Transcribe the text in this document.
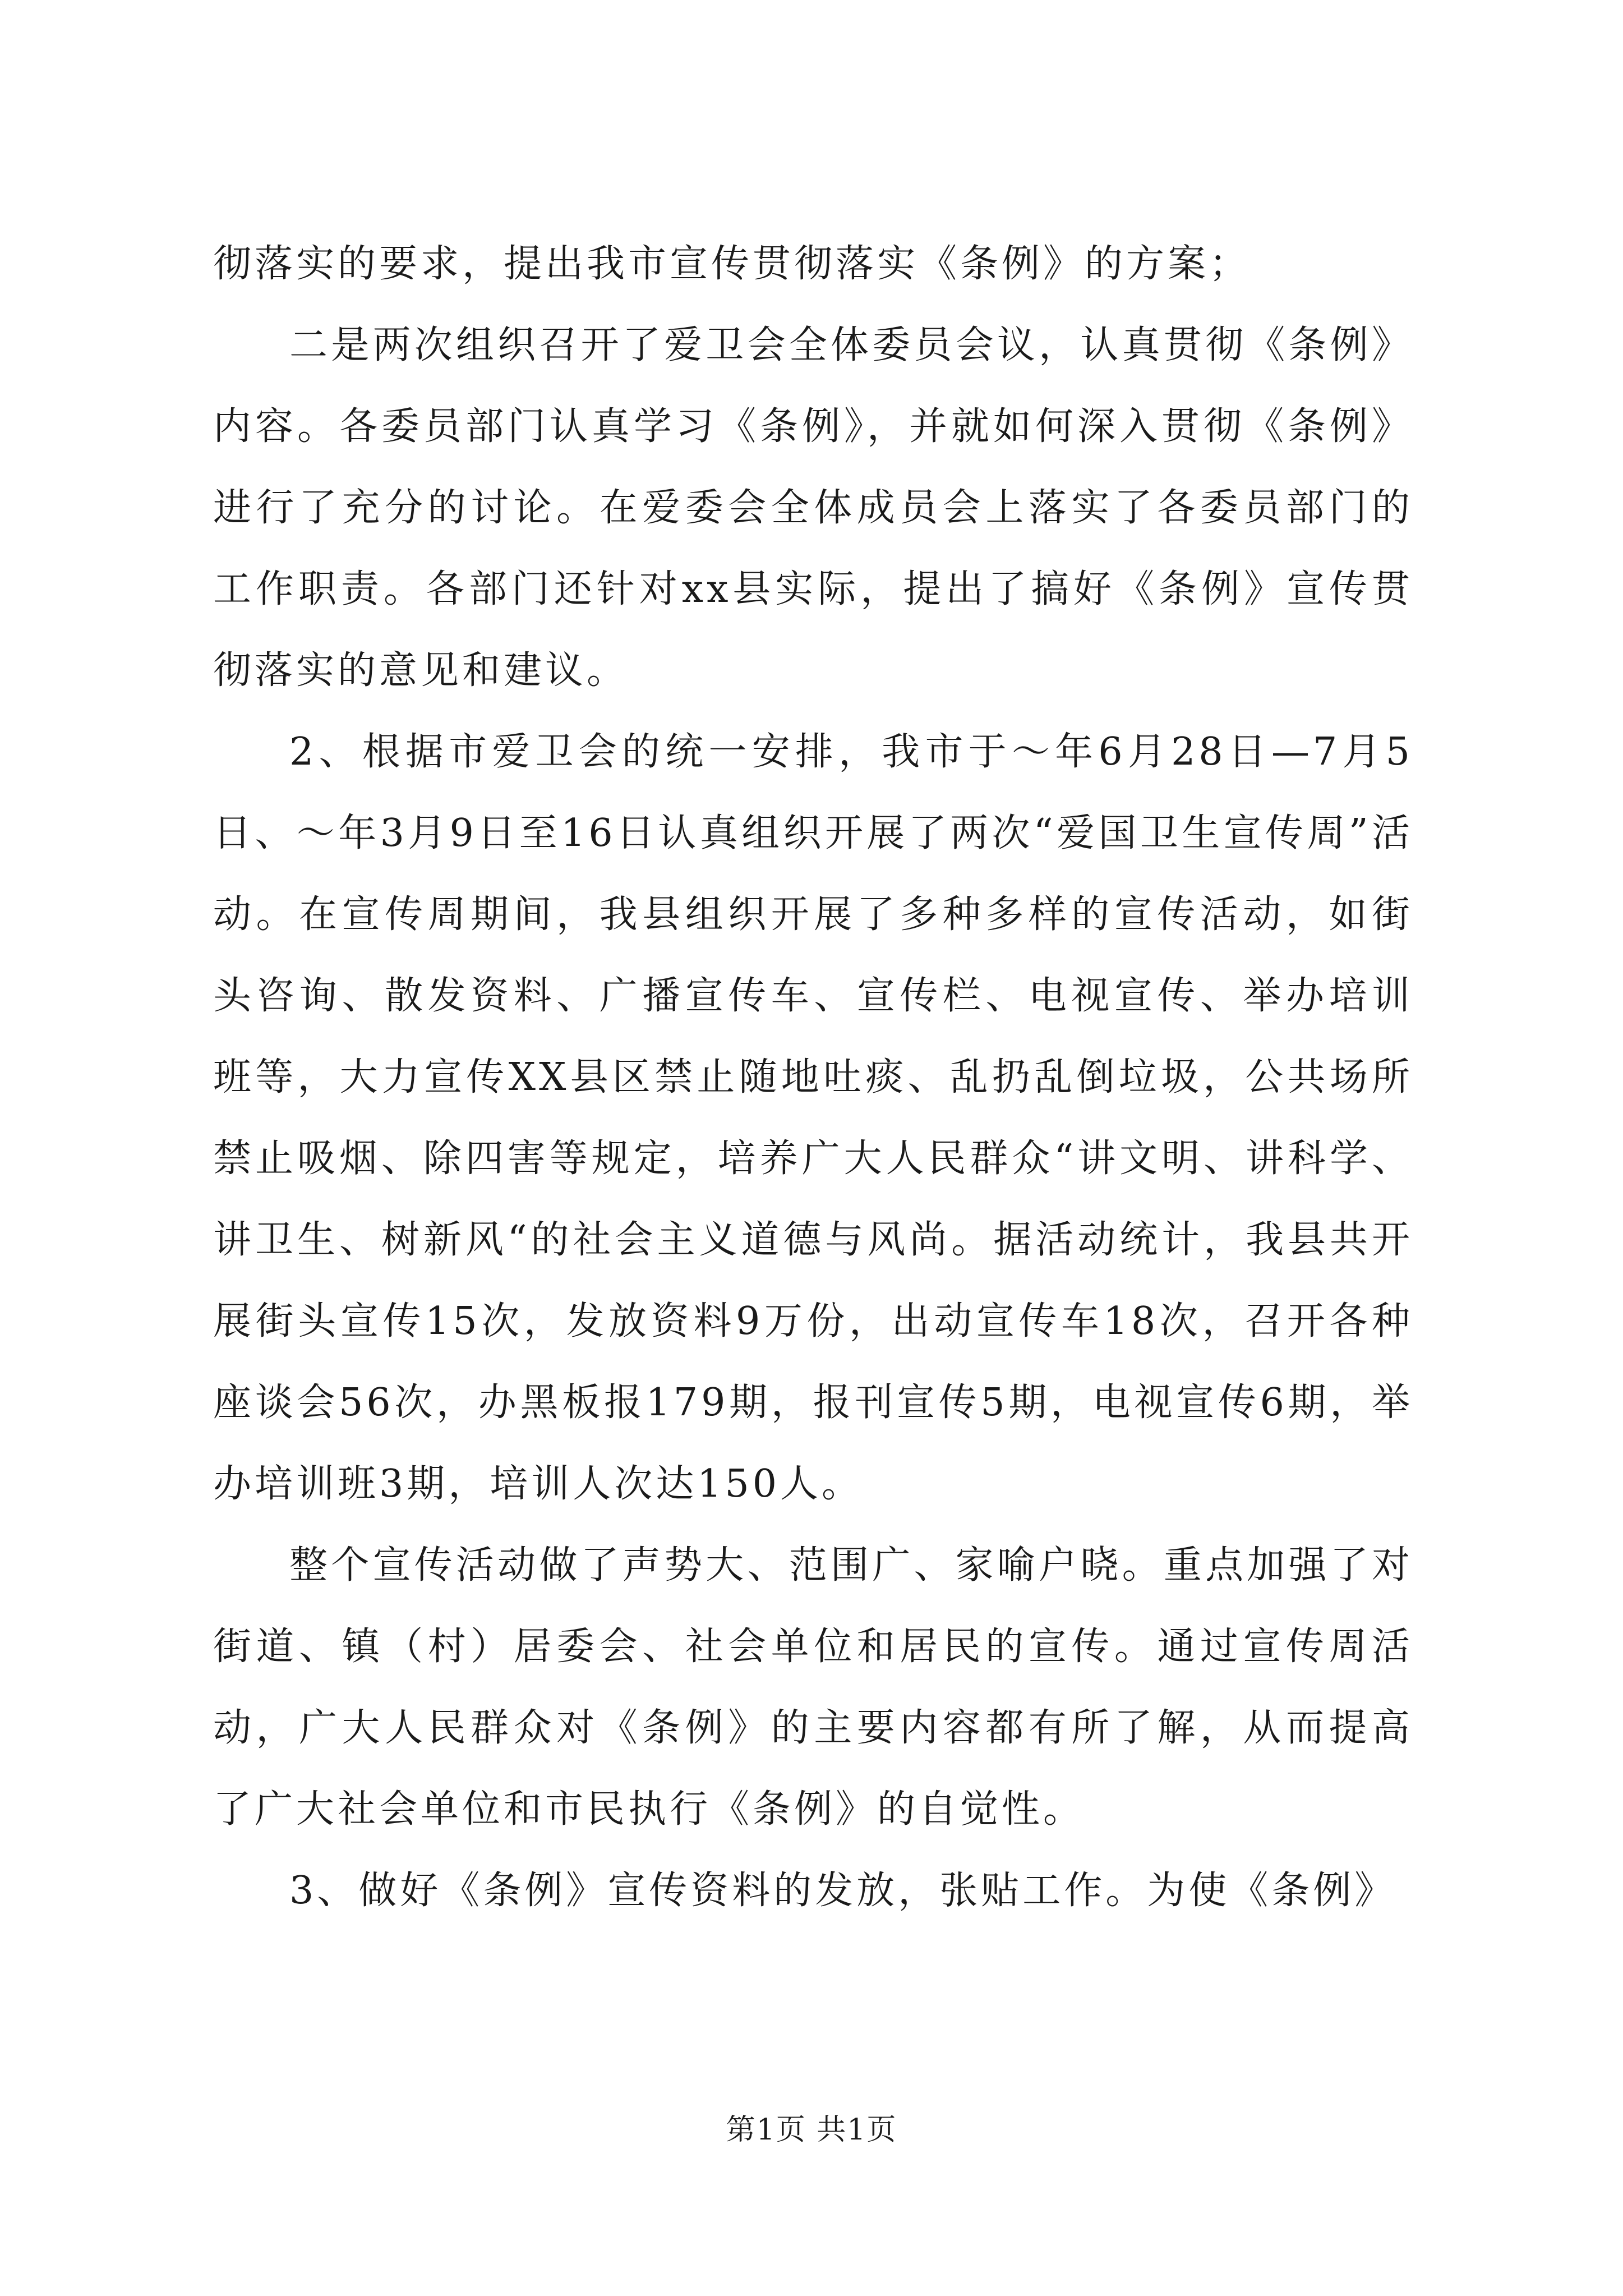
彻落实的要求，提出我市宣传贯彻落实《条例》的方案；

二是两次组织召开了爱卫会全体委员会议，认真贯彻《条例》内容。各委员部门认真学习《条例》，并就如何深入贯彻《条例》进行了充分的讨论。在爱委会全体成员会上落实了各委员部门的工作职责。各部门还针对xx县实际，提出了搞好《条例》宣传贯彻落实的意见和建议。

2、根据市爱卫会的统一安排，我市于～年6月28日—7月5日、～年3月9日至16日认真组织开展了两次“爱国卫生宣传周”活动。在宣传周期间，我县组织开展了多种多样的宣传活动，如街头咨询、散发资料、广播宣传车、宣传栏、电视宣传、举办培训班等，大力宣传XX县区禁止随地吐痰、乱扔乱倒垃圾，公共场所禁止吸烟、除四害等规定，培养广大人民群众“讲文明、讲科学、讲卫生、树新风“的社会主义道德与风尚。据活动统计，我县共开展街头宣传15次，发放资料9万份，出动宣传车18次，召开各种座谈会56次，办黑板报179期，报刊宣传5期，电视宣传6期，举办培训班3期，培训人次达150人。

整个宣传活动做了声势大、范围广、家喻户晓。重点加强了对街道、镇（村）居委会、社会单位和居民的宣传。通过宣传周活动，广大人民群众对《条例》的主要内容都有所了解，从而提高了广大社会单位和市民执行《条例》的自觉性。

3、做好《条例》宣传资料的发放，张贴工作。为使《条例》

第1页 共1页
